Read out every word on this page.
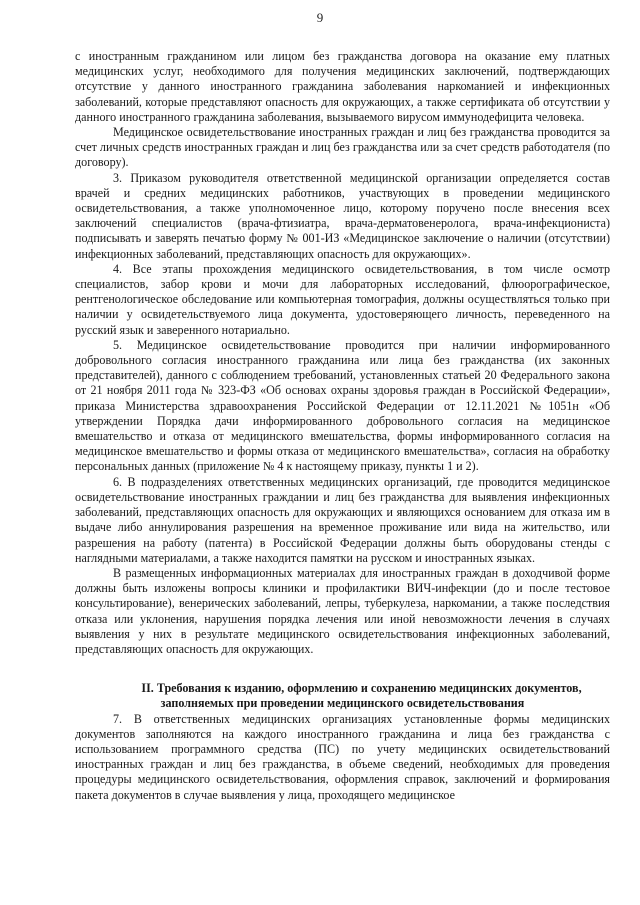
9

с иностранным гражданином или лицом без гражданства договора на оказание ему платных медицинских услуг, необходимого для получения медицинских заключений, подтверждающих отсутствие у данного иностранного гражданина заболевания наркоманией и инфекционных заболеваний, которые представляют опасность для окружающих, а также сертификата об отсутствии у данного иностранного гражданина заболевания, вызываемого вирусом иммунодефицита человека.

Медицинское освидетельствование иностранных граждан и лиц без гражданства проводится за счет личных средств иностранных граждан и лиц без гражданства или за счет средств работодателя (по договору).

3. Приказом руководителя ответственной медицинской организации определяется состав врачей и средних медицинских работников, участвующих в проведении медицинского освидетельствования, а также уполномоченное лицо, которому поручено после внесения всех заключений специалистов (врача-фтизиатра, врача-дерматовенеролога, врача-инфекциониста) подписывать и заверять печатью форму № 001-ИЗ «Медицинское заключение о наличии (отсутствии) инфекционных заболеваний, представляющих опасность для окружающих».

4. Все этапы прохождения медицинского освидетельствования, в том числе осмотр специалистов, забор крови и мочи для лабораторных исследований, флюорографическое, рентгенологическое обследование или компьютерная томография, должны осуществляться только при наличии у освидетельствуемого лица документа, удостоверяющего личность, переведенного на русский язык и заверенного нотариально.

5. Медицинское освидетельствование проводится при наличии информированного добровольного согласия иностранного гражданина или лица без гражданства (их законных представителей), данного с соблюдением требований, установленных статьей 20 Федерального закона от 21 ноября 2011 года № 323-ФЗ «Об основах охраны здоровья граждан в Российской Федерации», приказа Министерства здравоохранения Российской Федерации от 12.11.2021 №1051н «Об утверждении Порядка дачи информированного добровольного согласия на медицинское вмешательство и отказа от медицинского вмешательства, формы информированного согласия на медицинское вмешательство и формы отказа от медицинского вмешательства», согласия на обработку персональных данных (приложение № 4 к настоящему приказу, пункты 1 и 2).

6. В подразделениях ответственных медицинских организаций, где проводится медицинское освидетельствование иностранных граждании и лиц без гражданства для выявления инфекционных заболеваний, представляющих опасность для окружающих и являющихся основанием для отказа им в выдаче либо аннулирования разрешения на временное проживание или вида на жительство, или разрешения на работу (патента) в Российской Федерации должны быть оборудованы стенды с наглядными материалами, а также находится памятки на русском и иностранных языках.

В размещенных информационных материалах для иностранных граждан в доходчивой форме должны быть изложены вопросы клиники и профилактики ВИЧ-инфекции (до и после тестовое консультирование), венерических заболеваний, лепры, туберкулеза, наркомании, а также последствия отказа или уклонения, нарушения порядка лечения или иной невозможности лечения в случаях выявления у них в результате медицинского освидетельствования инфекционных заболеваний, представляющих опасность для окружающих.

II. Требования к изданию, оформлению и сохранению медицинских документов, заполняемых при проведении медицинского освидетельствования

7. В ответственных медицинских организациях установленные формы медицинских документов заполняются на каждого иностранного гражданина и лица без гражданства с использованием программного средства (ПС) по учету медицинских освидетельствований иностранных граждан и лиц без гражданства, в объеме сведений, необходимых для проведения процедуры медицинского освидетельствования, оформления справок, заключений и формирования пакета документов в случае выявления у лица, проходящего медицинское
